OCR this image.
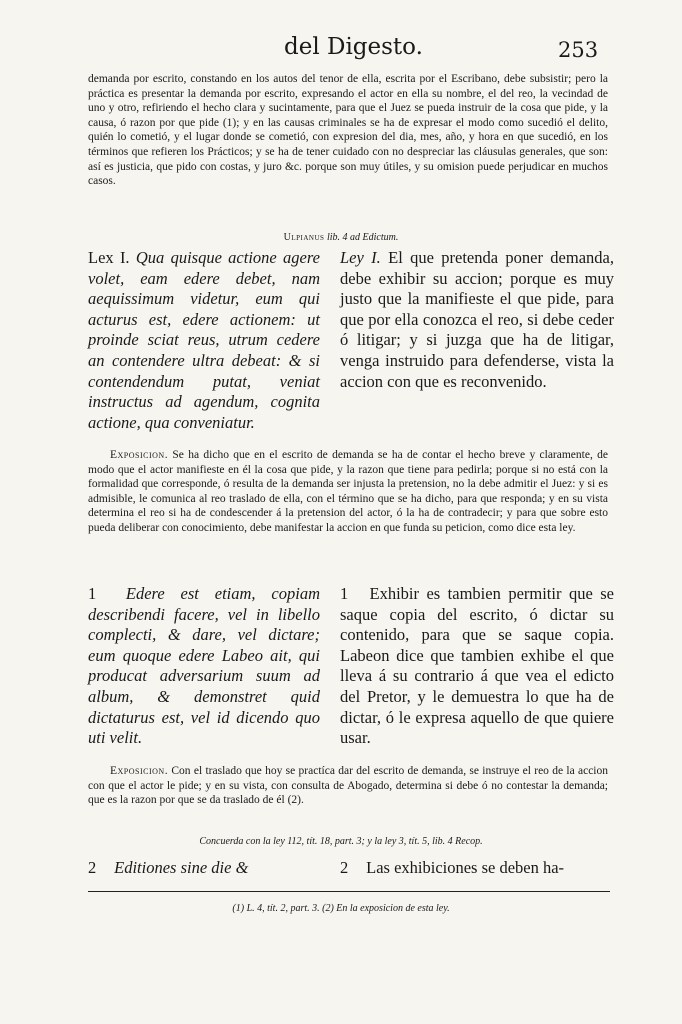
del Digesto.	253
demanda por escrito, constando en los autos del tenor de ella, escrita por el Escribano, debe subsistir; pero la práctica es presentar la demanda por escrito, expresando el actor en ella su nombre, el del reo, la vecindad de uno y otro, refiriendo el hecho clara y sucintamente, para que el Juez se pueda instruir de la cosa que pide, y la causa, ó razon por que pide (1); y en las causas criminales se ha de expresar el modo como sucedió el delito, quién lo cometió, y el lugar donde se cometió, con expresion del dia, mes, año, y hora en que sucedió, en los términos que refieren los Prácticos; y se ha de tener cuidado con no despreciar las cláusulas generales, que son: así es justicia, que pido con costas, y juro &c. porque son muy útiles, y su omision puede perjudicar en muchos casos.
Ulpianus lib. 4 ad Edictum.
Lex I. Qua quisque actione agere volet, eam edere debet, nam aequissimum videtur, eum qui acturus est, edere actionem: ut proinde sciat reus, utrum cedere an contendere ultra debeat: & si contendendum putat, veniat instructus ad agendum, cognita actione, qua conveniatur.
Ley I. El que pretenda poner demanda, debe exhibir su accion; porque es muy justo que la manifieste el que pide, para que por ella conozca el reo, si debe ceder ó litigar; y si juzga que ha de litigar, venga instruido para defenderse, vista la accion con que es reconvenido.
Exposicion. Se ha dicho que en el escrito de demanda se ha de contar el hecho breve y claramente, de modo que el actor manifieste en él la cosa que pide, y la razon que tiene para pedirla; porque si no está con la formalidad que corresponde, ó resulta de la demanda ser injusta la pretension, no la debe admitir el Juez: y si es admisible, le comunica al reo traslado de ella, con el término que se ha dicho, para que responda; y en su vista determina el reo si ha de condescender á la pretension del actor, ó la ha de contradecir; y para que sobre esto pueda deliberar con conocimiento, debe manifestar la accion en que funda su peticion, como dice esta ley.
1 Edere est etiam, copiam describendi facere, vel in libello complecti, & dare, vel dictare; eum quoque edere Labeo ait, qui producat adversarium suum ad album, & demonstret quid dictaturus est, vel id dicendo quo uti velit.
1 Exhibir es tambien permitir que se saque copia del escrito, ó dictar su contenido, para que se saque copia. Labeon dice que tambien exhibe el que lleva á su contrario á que vea el edicto del Pretor, y le demuestra lo que ha de dictar, ó le expresa aquello de que quiere usar.
Exposicion. Con el traslado que hoy se practíca dar del escrito de demanda, se instruye el reo de la accion con que el actor le pide; y en su vista, con consulta de Abogado, determina si debe ó no contestar la demanda; que es la razon por que se da traslado de él (2).
Concuerda con la ley 112, tít. 18, part. 3; y la ley 3, tít. 5, lib. 4 Recop.
2 Editiones sine die &	2 Las exhibiciones se deben ha-
(1) L. 4, tít. 2, part. 3. (2) En la exposicion de esta ley.
